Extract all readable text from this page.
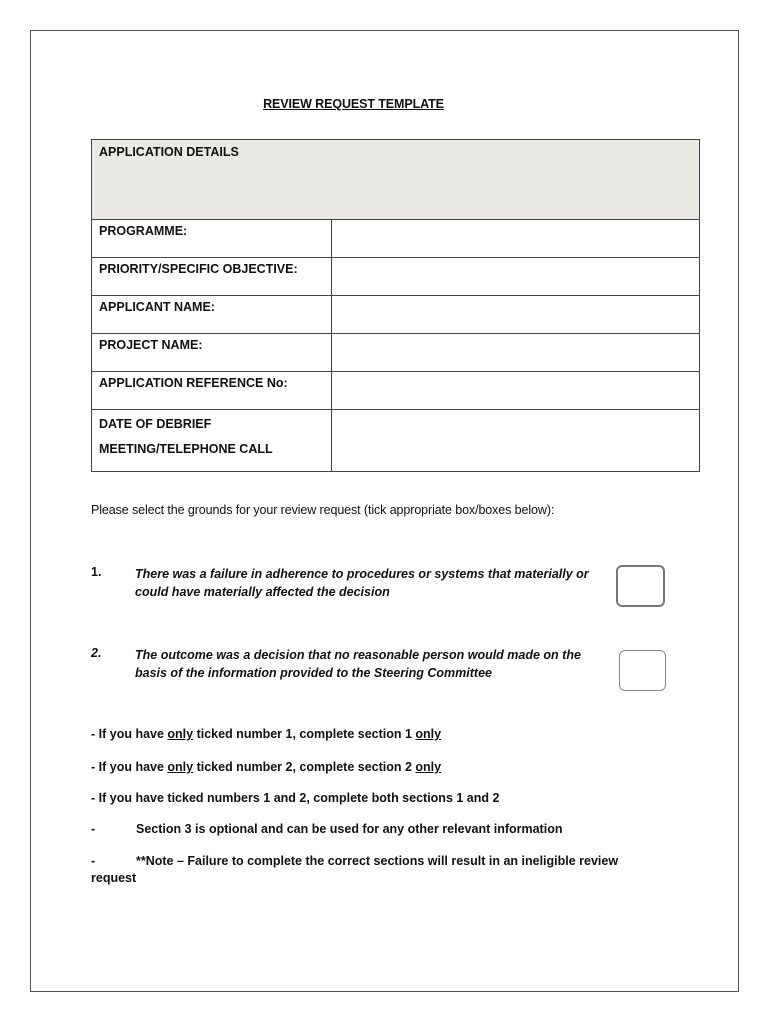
REVIEW REQUEST TEMPLATE
APPLICATION DETAILS	
PROGRAMME:	
PRIORITY/SPECIFIC OBJECTIVE:	
APPLICANT NAME:	
PROJECT NAME:	
APPLICATION REFERENCE No:	

DATE OF DEBRIEF
MEETING/TELEPHONE CALL	

Please select the grounds for your review request (tick appropriate box/boxes below):
1.	There was a failure in adherence to procedures or systems that materially or could have materially affected the decision
2.	The outcome was a decision that no reasonable person would made on the basis of the information provided to the Steering Committee
- If you have only ticked number 1, complete section 1 only
- If you have only ticked number 2, complete section 2 only
- If you have ticked numbers 1 and 2, complete both sections 1 and 2
-	Section 3 is optional and can be used for any other relevant information
-	**Note – Failure to complete the correct sections will result in an ineligible review
request
